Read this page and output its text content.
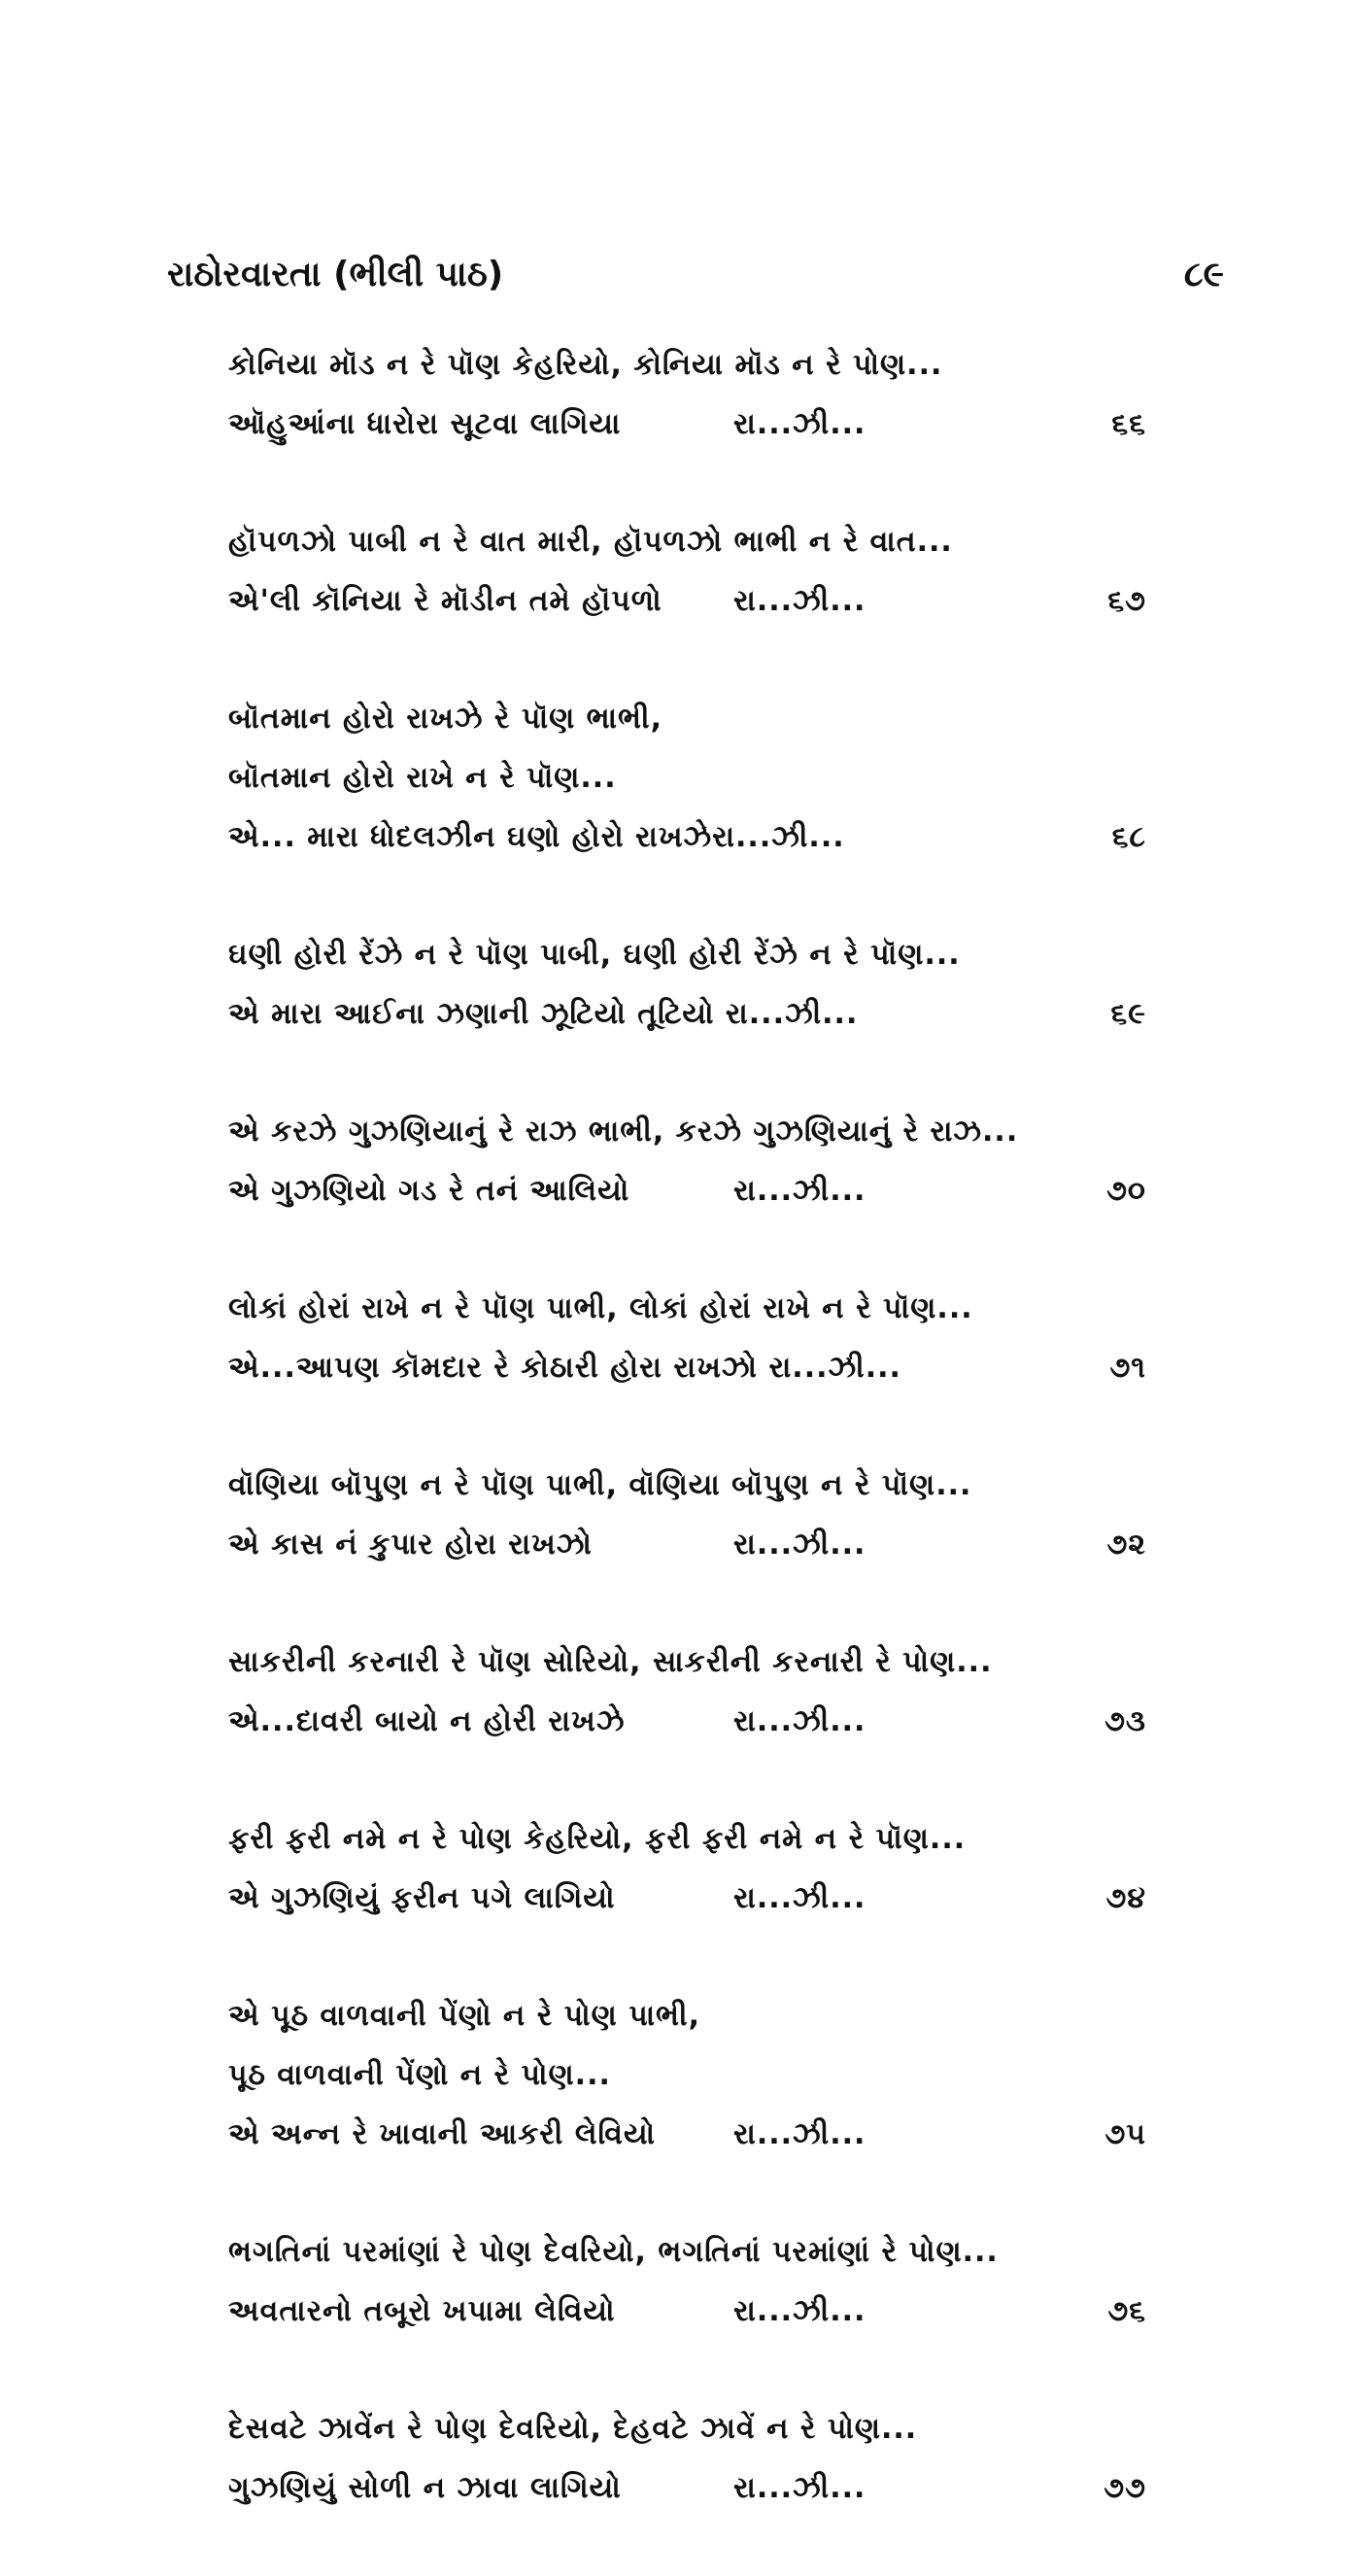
રાઠોરવારતા (ભીલી પાઠ)	૮૯
કોનિયા મૉડ ન રે પૉણ કેહરિયો, કોનિયા મૉડ ન રે પોણ...
ઑહુઆંના ધારોરા સૂટવા લાગિયા	રા...ઝી...	૬૬
હૉપળઝો પાબી ન રે વાત મારી, હૉપળઝો ભાભી ન રે વાત...
એ'લી કૉનિયા રે મૉડીન તમે હૉપળો રા...ઝી...	૬૭
બૉતમાન હોરો રાખઝે રે પૉણ ભાભી,
બૉતમાન હોરો રાખે ન રે પૉણ...
એ... મારા ધોદલઝીન ઘણો હોરો રાખઝેરા...ઝી...	૬૮
ઘણી હોરી રેંઝે ન રે પૉણ પાબી, ઘણી હોરી રેંઝે ન રે પૉણ...
એ મારા આઈના ઝણાની ઝૂટિયો તૂટિયો રા...ઝી...	૬૯
એ કરઝે ગુઝણિયાનું રે રાઝ ભાભી, કરઝે ગુઝણિયાનું રે રાઝ...
એ ગુઝણિયો ગડ રે તનં આલિયો	રા...ઝી...	૭૦
લોકાં હોરાં રાખે ન રે પૉણ પાભી, લોકાં હોરાં રાખે ન રે પૉણ...
એ...આપણ કૉમદાર રે કોઠારી હોરા રાખઝો રા...ઝી...	૭૧
વૉણિયા બૉપુણ ન રે પૉણ પાભી, વૉણિયા બૉપુણ ન રે પૉણ...
એ કાસ નં કુપાર હોરા રાખઝો	રા...ઝી...	૭૨
સાકરીની કરનારી રે પૉણ સોરિયો, સાકરીની કરનારી રે પોણ...
એ...દાવરી બાયો ન હોરી રાખઝે	રા...ઝી...	૭૩
ફરી ફરી નમે ન રે પોણ કેહરિયો, ફરી ફરી નમે ન રે પૉણ...
એ ગુઝણિયું ફરીન પગે લાગિયો	રા...ઝી...	૭૪
એ પૂઠ વાળવાની પેંણો ન રે પોણ પાભી,
પૂઠ વાળવાની પેંણો ન રે પોણ...
એ અન્ન રે ખાવાની આકરી લેવિયો	રા...ઝી...	૭૫
ભગતિનાં પરમાંણાં રે પોણ દેવરિયો, ભગતિનાં પરમાંણાં રે પોણ...
અવતારનો તબૂરો ખપામા લેવિયો	રા...ઝી...	૭૬
દેસવટે ઝાવેંન રે પોણ દેવરિયો, દેહવટે ઝાવેં ન રે પોણ...
ગુઝણિયું સોળી ન ઝાવા લાગિયો	રા...ઝી...	૭૭
